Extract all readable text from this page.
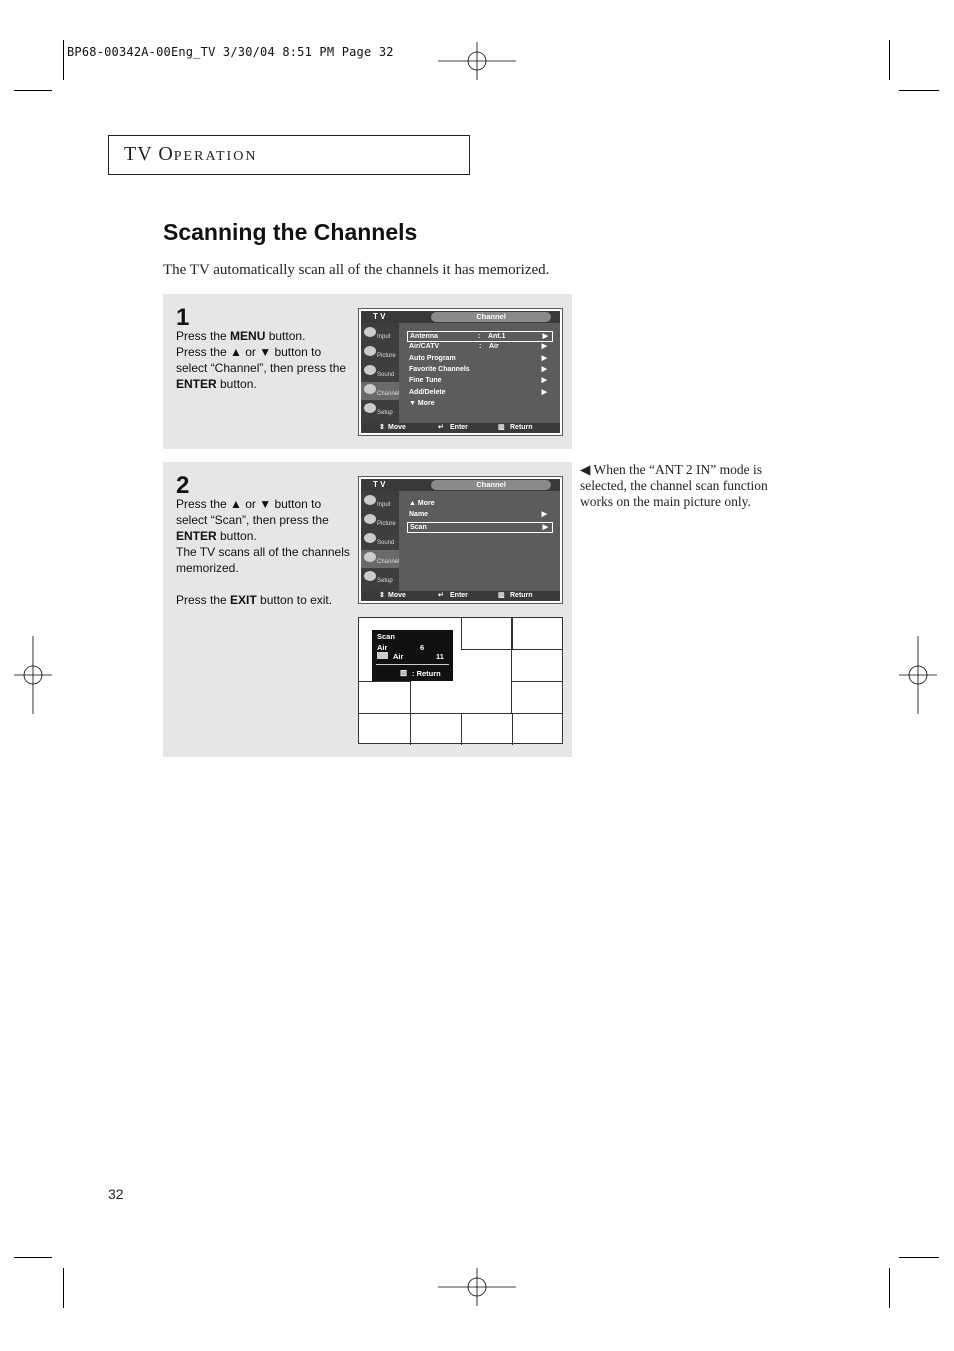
BP68-00342A-00Eng_TV 3/30/04 8:51 PM Page 32
TV OPERATION
Scanning the Channels
The TV automatically scan all of the channels it has memorized.
1
Press the MENU button.
Press the ▲ or ▼ button to
select “Channel”, then press the
ENTER button.
T V	Channel
Input
Picture
Sound
Channel
Setup
Antenna	: Ant.1	▶
Air/CATV	: Air	▶
Auto Program	▶
Favorite Channels	▶
Fine Tune	▶
Add/Delete	▶
▼ More
⇕ Move	↵ Enter	▥ Return
2
Press the ▲ or ▼ button to
select “Scan”, then press the
ENTER button.
The TV scans all of the channels
memorized.

Press the EXIT button to exit.
T V	Channel
Input
Picture
Sound
Channel
Setup
▲ More
Name	▶
Scan	▶
⇕ Move	↵ Enter	▥ Return
Scan
Air	6
Air	11
▥ : Return
◀ When the “ANT 2 IN” mode is selected, the channel scan function works on the main picture only.
32
